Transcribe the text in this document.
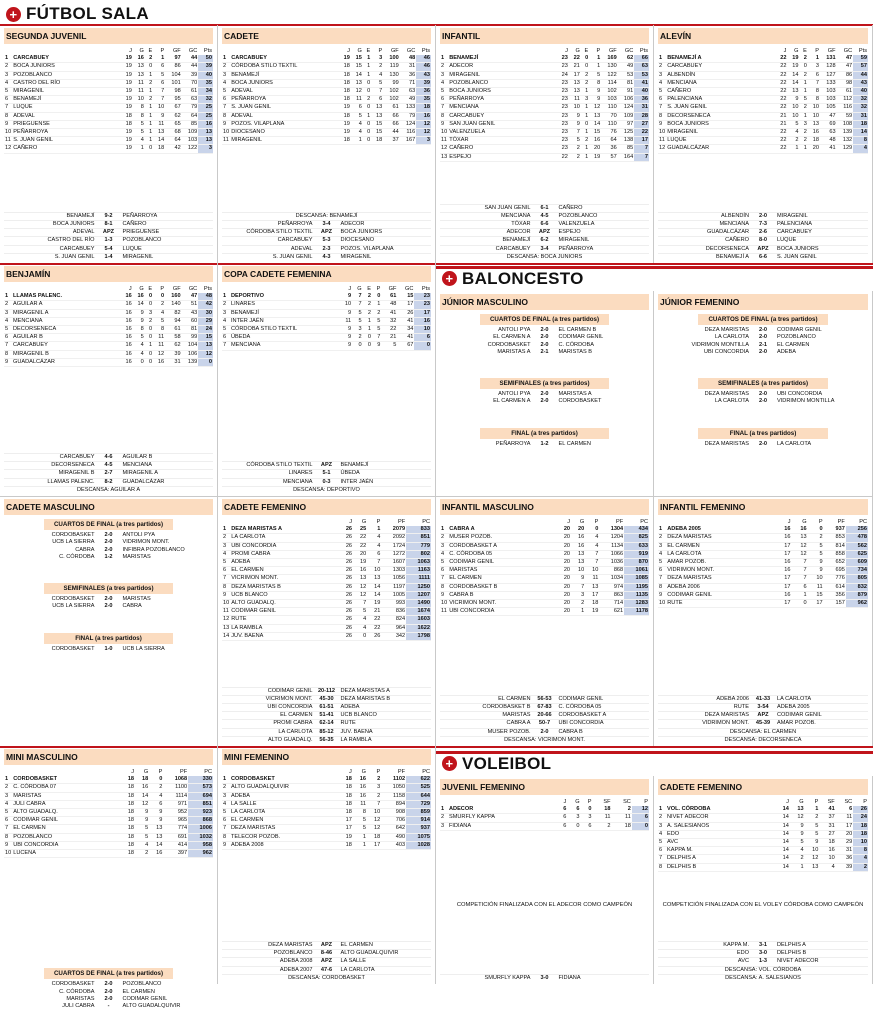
+ FÚTBOL SALA
+ BALONCESTO
+ VOLEIBOL
SEGUNDA JUVENIL
		J	G	E	P	GF	GC	Pts
1	CARCABUEY	19	16	2	1	97	44	50
2	BOCA JUNIORS	19	13	0	6	86	44	39
3	POZOBLANCO	19	13	1	5	104	39	40
4	CASTRO DEL RÍO	19	11	2	6	101	70	35
5	MIRAGENIL	19	11	1	7	98	61	34
6	BENAMEJÍ	19	10	2	7	95	63	32
7	LUQUE	19	8	1	10	67	79	25
8	ADEVAL	18	8	1	9	62	64	25
9	PRIEGUENSE	18	5	1	11	65	85	16
10	PEÑARROYA	19	5	1	13	68	109	13
11	S. JUAN GENIL	19	4	1	14	64	103	13
12	CAÑERO	19	1	0	18	42	122	3
BENAMEJÍ	9-2	PEÑARROYA
BOCA JUNIORS	8-1	CAÑERO
ADEVAL	APZ	PRIEGUENSE
CASTRO DEL RÍO	1-3	POZOBLANCO
CARCABUEY	5-4	LUQUE
S. JUAN GENIL	1-4	MIRAGENIL
CADETE
		J	G	E	P	GF	GC	Pts
1	CARCABUEY	19	15	1	3	100	48	46
2	CÓRDOBA STILO TEXTIL	18	15	1	2	119	31	46
3	BENAMEJÍ	18	14	1	4	130	36	43
4	BOCA JUNIORS	18	13	0	5	99	71	39
5	ADEVAL	18	12	0	7	102	63	36
6	PEÑARROYA	18	11	2	6	102	49	35
7	S. JUAN GENIL	19	6	0	13	61	133	18
8	ADEVAL	18	5	1	13	66	79	16
9	POZOS. VILAPLANA	19	4	0	15	66	124	12
10	DIOCESANO	19	4	0	15	44	116	12
11	MIRAGENIL	18	1	0	18	37	167	3
DESCANSA: BENAMEJÍ
PEÑARROYA	3-4	ADECOR
CÓRDOBA STILO TEXTIL	APZ	BOCA JUNIORS
CARCABUEY	5-3	DIOCESANO
ADEVAL	2-3	POZOS. VILAPLANA
S. JUAN GENIL	4-3	MIRAGENIL
INFANTIL
		J	G	E	P	GF	GC	Pts
1	BENAMEJÍ	23	22	0	1	169	62	66
2	ADECOR	23	21	0	1	130	49	63
3	MIRAGENIL	24	17	2	5	122	53	53
4	POZOBLANCO	23	13	2	8	114	81	41
5	BOCA JUNIORS	23	13	1	9	102	91	40
6	PEÑARROYA	23	11	3	9	103	106	36
7	MENCIANA	23	10	1	12	110	124	31
8	CARCABUEY	23	9	1	13	70	109	28
9	SAN JUAN GENIL	23	9	0	14	110	97	27
10	VALENZUELA	23	7	1	15	76	125	22
11	TÓXAR	23	5	2	16	64	138	17
12	CAÑERO	23	2	1	20	36	85	7
13	ESPEJO	22	2	1	19	57	164	7
SAN JUAN GENIL	6-1	CAÑERO
MENCIANA	4-5	POZOBLANCO
TÓXAR	6-6	VALENZUELA
ADECOR	APZ	ESPEJO
BENAMEJÍ	6-2	MIRAGENIL
CARCABUEY	3-4	PEÑARROYA
DESCANSA: BOCA JUNIORS
ALEVÍN
		J	G	E	P	GF	GC	Pts
1	BENAMEJÍ A	22	19	2	1	131	47	59
2	CARCABUEY	22	19	0	3	128	47	57
3	ALBENDÍN	22	14	2	6	127	86	44
4	MENCIANA	22	14	1	7	133	98	43
5	CAÑERO	22	13	1	8	103	61	40
6	PALENCIANA	22	9	5	8	103	112	32
7	S. JUAN GENIL	22	10	2	10	105	116	32
8	DECORSENECA	21	10	1	10	47	59	31
9	BOCA JUNIORS	21	5	3	13	69	108	18
10	MIRAGENIL	22	4	2	16	63	139	14
11	LUQUE	22	2	2	18	48	132	8
12	GUADALCÁZAR	22	1	1	20	41	129	4
ALBENDÍN	2-0	MIRAGENIL
MENCIANA	7-3	PALENCIANA
GUADALCÁZAR	2-6	CARCABUEY
CAÑERO	8-0	LUQUE
DECORSENECA	APZ	BOCA JUNIORS
BENAMEJÍ A	6-6	S. JUAN GENIL
BENJAMÍN
		J	G	E	P	GF	GC	Pts
1	LLAMAS PALENC.	16	16	0	0	160	47	48
2	AGUILAR A	16	14	0	2	140	51	42
3	MIRAGENIL A	16	9	3	4	82	43	30
4	MENCIANA	16	9	2	5	94	60	29
5	DECORSENECA	16	8	0	8	61	81	24
6	AGUILAR B	16	5	0	11	58	99	15
7	CARCABUEY	16	4	1	11	62	104	13
8	MIRAGENIL B	16	4	0	12	39	106	12
9	GUADALCÁZAR	16	0	0	16	31	139	0
CARCABUEY	4-6	AGUILAR B
DECORSENECA	4-5	MENCIANA
MIRAGENIL B	2-7	MIRAGENIL A
LLAMAS PALENC.	8-2	GUADALCÁZAR
DESCANSA: AGUILAR A
COPA CADETE FEMENINA
		J	G	E	P	GF	GC	Pts
1	DEPORTIVO	9	7	2	0	61	15	23
2	LINARES	10	7	2	1	48	17	23
3	BENAMEJÍ	9	5	2	2	41	26	17
4	INTER JAÉN	11	5	1	5	32	41	16
5	CÓRDOBA STILO TEXTIL	9	3	1	5	22	34	10
6	ÚBEDA	9	2	0	7	21	41	6
7	MENCIANA	9	0	0	9	5	67	0
CÓRDOBA STILO TEXTIL	APZ	BENAMEJÍ
LINARES	5-1	ÚBEDA
MENCIANA	0-3	INTER JAÉN
DESCANSA: DEPORTIVO
JÚNIOR MASCULINO
CUARTOS DE FINAL (a tres partidos)
ANTOLI PYA	2-0	EL CARMEN B
EL CARMEN A	2-0	CODIMAR GENIL
CORDOBASKET	2-0	C. CÓRDOBA
MARISTAS A	2-1	MARISTAS B
SEMIFINALES (a tres partidos)
ANTOLI PYA	2-0	MARISTAS A
EL CARMEN A	2-0	CORDOBASKET
FINAL (a tres partidos)
PEÑARROYA	1-2	EL CARMEN
JÚNIOR FEMENINO
CUARTOS DE FINAL (a tres partidos)
DEZA MARISTAS	2-0	CODIMAR GENIL
LA CARLOTA	2-0	POZOBLANCO
VIDRIMON MONTILLA	2-1	EL CARMEN
UBI CONCORDIA	2-0	ADEBA
SEMIFINALES (a tres partidos)
DEZA MARISTAS	2-0	UBI CONCORDIA
LA CARLOTA	2-0	VIDRIMON MONTILLA
FINAL (a tres partidos)
DEZA MARISTAS	2-0	LA CARLOTA
CADETE MASCULINO
CUARTOS DE FINAL (a tres partidos)
CORDOBASKET	2-0	ANTOLI PYA
UCB LA SIERRA	2-0	VIDRIMON MONT.
CABRA	2-0	INFIBRA POZOBLANCO
C. CÓRDOBA	1-2	MARISTAS
SEMIFINALES (a tres partidos)
CORDOBASKET	2-0	MARISTAS
UCB LA SIERRA	2-0	CABRA
FINAL (a tres partidos)
CORDOBASKET	1-0	UCB LA SIERRA
CADETE FEMENINO
		J	G	P	PF	PC
1	DEZA MARISTAS A	26	25	1	2079	833
2	LA CARLOTA	26	22	4	2092	851
3	UBI CONCORDIA	26	22	4	1724	779
4	PROMI CABRA	26	20	6	1272	802
5	ADEBA	26	19	7	1607	1063
6	EL CARMEN	26	16	10	1303	1163
7	VICRIMON MONT.	26	13	13	1056	1111
8	DEZA MARISTAS B	26	12	14	1197	1250
9	UCB BLANCO	26	12	14	1005	1207
10	ALTO GUADALQ.	26	7	19	993	1490
11	CODIMAR GENIL	26	5	21	836	1674
12	RUTE	26	4	22	824	1603
13	LA RAMBLA	26	4	22	964	1622
14	JUV. BAENA	26	0	26	342	1798
CODIMAR GENIL 20-112 DEZA MARISTAS A
VICRIMON MONT.	45-30	DEZA MARISTAS B
UBI CONCORDIA	61-51	ADEBA
EL CARMEN	51-41	UCB BLANCO
PROMI CABRA	62-14	RUTE
LA CARLOTA	85-12	JUV. BAENA
ALTO GUADALQ.	56-35	LA RAMBLA
INFANTIL MASCULINO
		J	G	P	PF	PC
1	CABRA A	20	20	0	1304	434
2	MUSER POZOB.	20	16	4	1204	825
3	CORDOBASKET A	20	16	4	1134	633
4	C. CÓRDOBA 05	20	13	7	1066	919
5	CODIMAR GENIL	20	13	7	1036	870
6	MARISTAS	20	10	10	868	1061
7	EL CARMEN	20	9	11	1034	1085
8	CORDOBASKET B	20	7	13	974	1195
9	CABRA B	20	3	17	863	1135
10	VICRIMON MONT.	20	2	18	714	1283
11	UBI CONCORDIA	20	1	19	621	1178
EL CARMEN	56-53	CODIMAR GENIL
CORDOBASKET B	67-83	C. CÓRDOBA 05
MARISTAS	20-66	CORDOBASKET A
CABRA A	50-7	UBI CONCORDIA
MUSER POZOB.	2-0	CABRA B
DESCANSA: VICRIMON MONT.
INFANTIL FEMENINO
		J	G	P	PF	PC
1	ADEBA 2005	16	16	0	937	256
2	DEZA MARISTAS	16	13	2	853	478
3	EL CARMEN	17	12	5	814	562
4	LA CARLOTA	17	12	5	858	625
5	AMAR POZOB.	16	7	9	652	609
6	VIDRIMON MONT.	16	7	9	695	734
7	DEZA MARISTAS	17	7	10	776	805
8	ADEBA 2006	17	6	11	614	832
9	CODIMAR GENIL	16	1	15	356	879
10	RUTE	17	0	17	157	962
ADEBA 2006	41-33	LA CARLOTA
RUTE	3-54	ADEBA 2005
DEZA MARISTAS	APZ	CODIMAR GENIL
VIDRIMON MONT.	45-39	AMAR POZOB.
DESCANSA: EL CARMEN
DESCANSA: DECORSENECA
MINI MASCULINO
		J	G	P	PF	PC
1	CORDOBASKET	18	18	0	1068	330
2	C. CÓRDOBA 07	18	16	2	1100	573
3	MARISTAS	18	14	4	1114	694
4	JULI CABRA	18	12	6	971	851
5	ALTO GUADALQ.	18	9	9	952	923
6	CODIMAR GENIL	18	9	9	965	868
7	EL CARMEN	18	5	13	774	1006
8	POZOBLANCO	18	5	13	691	1032
9	UBI CONCORDIA	18	4	14	414	958
10	LUCENA	18	2	16	397	962
CUARTOS DE FINAL (a tres partidos)
CORDOBASKET	2-0	POZOBLANCO
C. CÓRDOBA	2-0	EL CARMEN
MARISTAS	2-0	CODIMAR GENIL
JULI CABRA	-	ALTO GUADALQUIVIR
MINI FEMENINO
		J	G	P	PF	PC
1	CORDOBASKET	18	16	2	1102	622
2	ALTO GUADALQUIVIR	18	16	3	1050	525
3	ADEBA	18	16	2	1158	644
4	LA SALLE	18	11	7	894	729
5	LA CARLOTA	18	8	10	908	859
6	EL CARMEN	17	5	12	706	914
7	DEZA MARISTAS	17	5	12	642	937
8	TELECOR POZOB.	19	1	18	490	1075
9	ADEBA 2008	18	1	17	403	1028
DEZA MARISTAS	APZ	EL CARMEN
POZOBLANCO	8-46	ALTO GUADALQUIVIR
ADEBA 2008	APZ	LA SALLE
ADEBA 2007	47-6	LA CARLOTA
DESCANSA: CORDOBASKET
JUVENIL FEMENINO
		J	G	P	SF	SC	P
1	ADECOR	6	6	0	18	2	12
2	SMURFLY KAPPA	6	3	3	11	11	6
3	FIDIANA	6	0	6	2	18	0
COMPETICIÓN FINALIZADA CON EL ADECOR COMO CAMPEÓN
SMURFLY KAPPA	3-0	FIDIANA
CADETE FEMENINO
		J	G	P	SF	SC	P
1	VOL. CÓRDOBA	14	13	1	41	6	26
2	NIVET ADECOR	14	12	2	37	11	24
3	A. SALESIANOS	14	9	5	31	17	18
4	EDO	14	9	5	27	20	18
5	AVC	14	5	9	18	29	10
6	KAPPA M.	14	4	10	16	31	8
7	DELPHIS A	14	2	12	10	36	4
8	DELPHIS B	14	1	13	4	39	2
COMPETICIÓN FINALIZADA CON EL VOLEY CÓRDOBA COMO CAMPEÓN
KAPPA M.	3-1	DELPHIS A
EDO	3-0	DELPHIS B
AVC	1-3	NIVET ADECOR
DESCANSA: VOL. CÓRDOBA
DESCANSA: A. SALESIANOS
